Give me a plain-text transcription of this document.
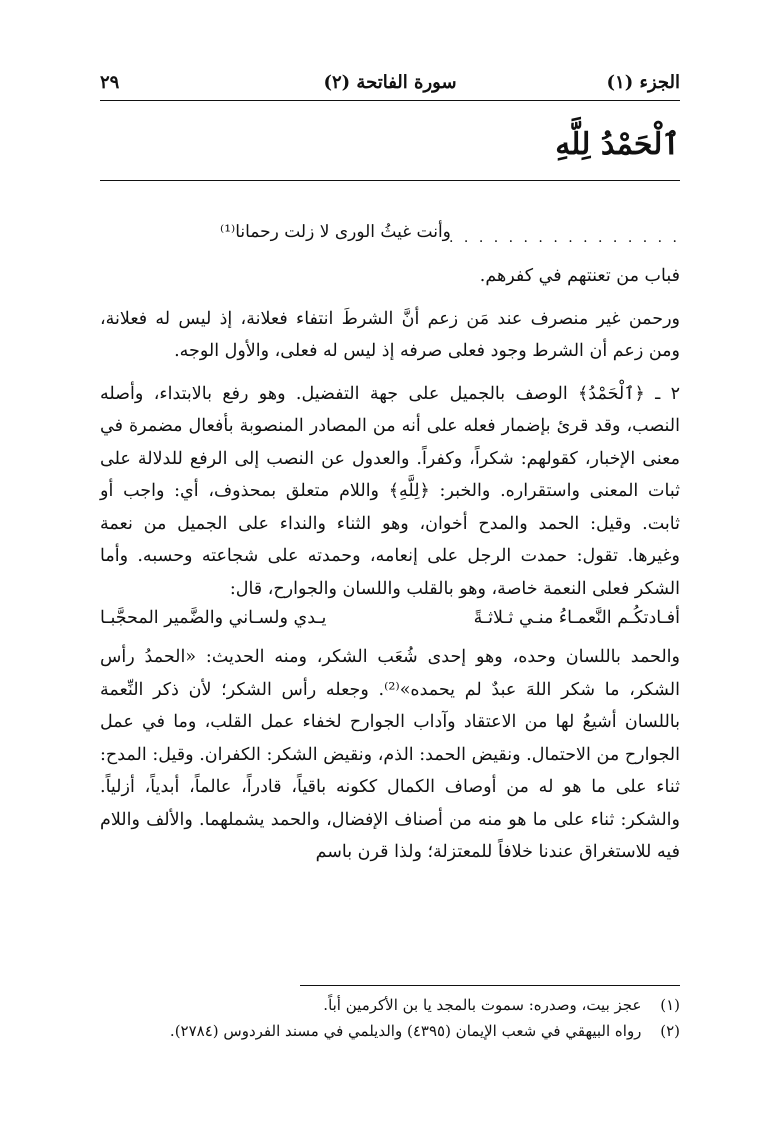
الجزء (١)
سورة الفاتحة (٢)
٢٩
ٱلْحَمْدُ لِلَّهِ
. . . . . . . . . . . . . . . .
وأنت غيثُ الورى لا زلت رحمانا⁽¹⁾

فباب من تعنتهم في كفرهم.

ورحمن غير منصرف عند مَن زعم أنَّ الشرطَ انتفاء فعلانة، إذ ليس له فعلانة، ومن زعم أن الشرط وجود فعلى صرفه إذ ليس له فعلى، والأول الوجه.

٢ ـ ﴿ٱلْحَمْدُ﴾ الوصف بالجميل على جهة التفضيل. وهو رفع بالابتداء، وأصله النصب، وقد قرئ بإضمار فعله على أنه من المصادر المنصوبة بأفعال مضمرة في معنى الإخبار، كقولهم: شكراً، وكفراً. والعدول عن النصب إلى الرفع للدلالة على ثبات المعنى واستقراره. والخبر: ﴿لِلَّهِ﴾ واللام متعلق بمحذوف، أي: واجب أو ثابت. وقيل: الحمد والمدح أخوان، وهو الثناء والنداء على الجميل من نعمة وغيرها. تقول: حمدت الرجل على إنعامه، وحمدته على شجاعته وحسبه. وأما الشكر فعلى النعمة خاصة، وهو بالقلب واللسان والجوارح، قال:

أفـادتكُـم النَّعمـاءُ منـي ثـلاثـةً
يـدي ولسـاني والضَّمير المحجَّبـا

والحمد باللسان وحده، وهو إحدى شُعَب الشكر، ومنه الحديث: «الحمدُ رأس الشكر، ما شكر اللهَ عبدٌ لم يحمده»⁽²⁾. وجعله رأس الشكر؛ لأن ذكر النِّعمة باللسان أشيعُ لها من الاعتقاد وآداب الجوارح لخفاء عمل القلب، وما في عمل الجوارح من الاحتمال. ونقيض الحمد: الذم، ونقيض الشكر: الكفران. وقيل: المدح: ثناء على ما هو له من أوصاف الكمال ككونه باقياً، قادراً، عالماً، أبدياً، أزلياً. والشكر: ثناء على ما هو منه من أصناف الإفضال، والحمد يشملهما. والألف واللام فيه للاستغراق عندنا خلافاً للمعتزلة؛ ولذا قرن باسم

(١) عجز بيت، وصدره: سموت بالمجد يا بن الأكرمين أباً.
(٢) رواه البيهقي في شعب الإيمان (٤٣٩٥) والديلمي في مسند الفردوس (٢٧٨٤).
